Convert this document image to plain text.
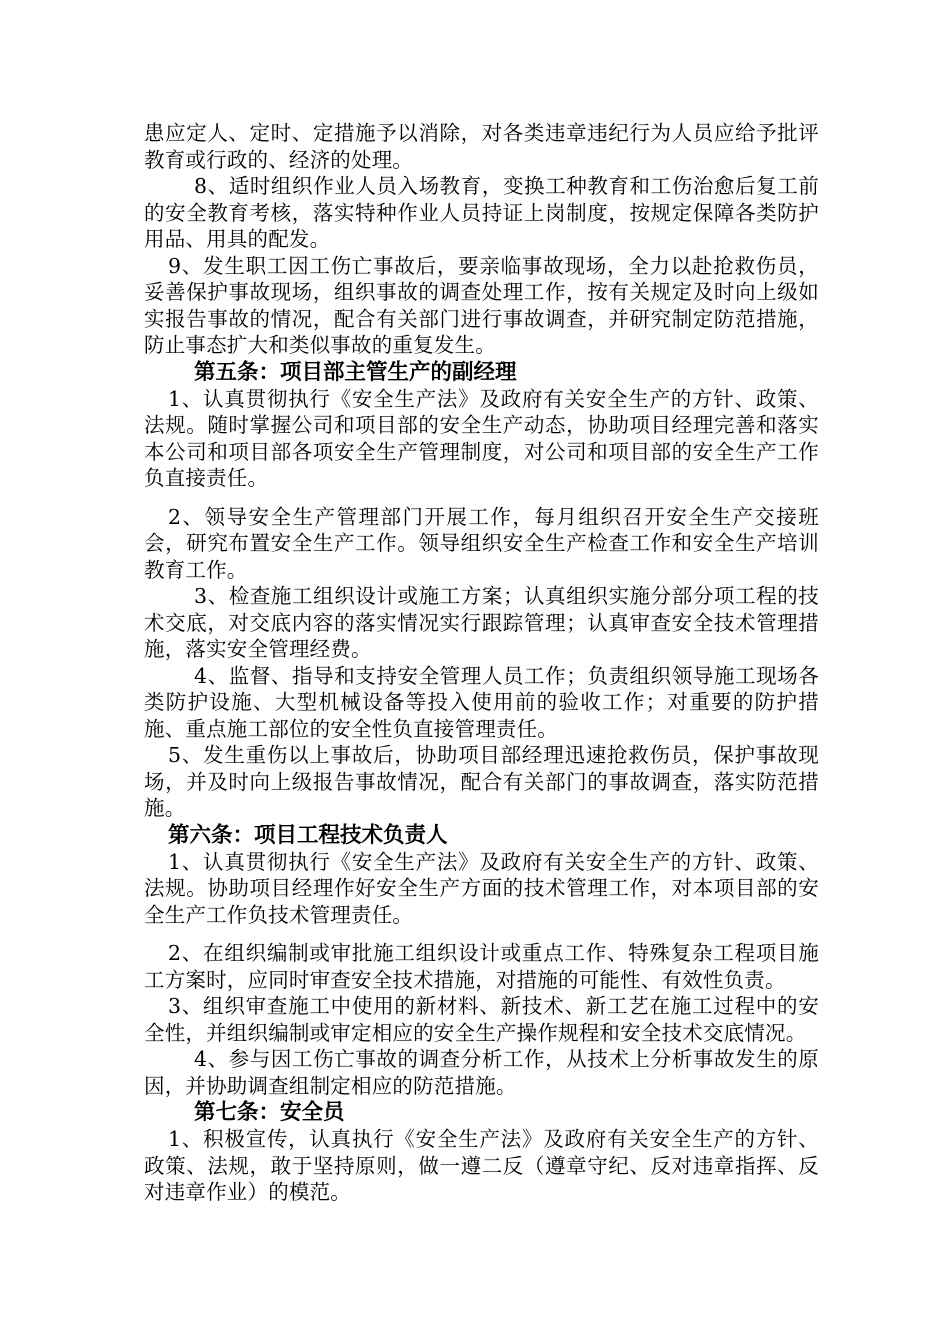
患应定人、定时、定措施予以消除，对各类违章违纪行为人员应给予批评教育或行政的、经济的处理。

8、适时组织作业人员入场教育，变换工种教育和工伤治愈后复工前的安全教育考核，落实特种作业人员持证上岗制度，按规定保障各类防护用品、用具的配发。

9、发生职工因工伤亡事故后，要亲临事故现场，全力以赴抢救伤员，妥善保护事故现场，组织事故的调查处理工作，按有关规定及时向上级如实报告事故的情况，配合有关部门进行事故调查，并研究制定防范措施，防止事态扩大和类似事故的重复发生。

第五条：项目部主管生产的副经理

1、认真贯彻执行《安全生产法》及政府有关安全生产的方针、政策、法规。随时掌握公司和项目部的安全生产动态，协助项目经理完善和落实本公司和项目部各项安全生产管理制度，对公司和项目部的安全生产工作负直接责任。

2、领导安全生产管理部门开展工作，每月组织召开安全生产交接班会，研究布置安全生产工作。领导组织安全生产检查工作和安全生产培训教育工作。

3、检查施工组织设计或施工方案；认真组织实施分部分项工程的技术交底，对交底内容的落实情况实行跟踪管理；认真审查安全技术管理措施，落实安全管理经费。

4、监督、指导和支持安全管理人员工作；负责组织领导施工现场各类防护设施、大型机械设备等投入使用前的验收工作；对重要的防护措施、重点施工部位的安全性负直接管理责任。

5、发生重伤以上事故后，协助项目部经理迅速抢救伤员，保护事故现场，并及时向上级报告事故情况，配合有关部门的事故调查，落实防范措施。

第六条：项目工程技术负责人

1、认真贯彻执行《安全生产法》及政府有关安全生产的方针、政策、法规。协助项目经理作好安全生产方面的技术管理工作，对本项目部的安全生产工作负技术管理责任。

2、在组织编制或审批施工组织设计或重点工作、特殊复杂工程项目施工方案时，应同时审查安全技术措施，对措施的可能性、有效性负责。

3、组织审查施工中使用的新材料、新技术、新工艺在施工过程中的安全性，并组织编制或审定相应的安全生产操作规程和安全技术交底情况。

4、参与因工伤亡事故的调查分析工作，从技术上分析事故发生的原因，并协助调查组制定相应的防范措施。

第七条：安全员

1、积极宣传，认真执行《安全生产法》及政府有关安全生产的方针、政策、法规，敢于坚持原则，做一遵二反（遵章守纪、反对违章指挥、反对违章作业）的模范。
